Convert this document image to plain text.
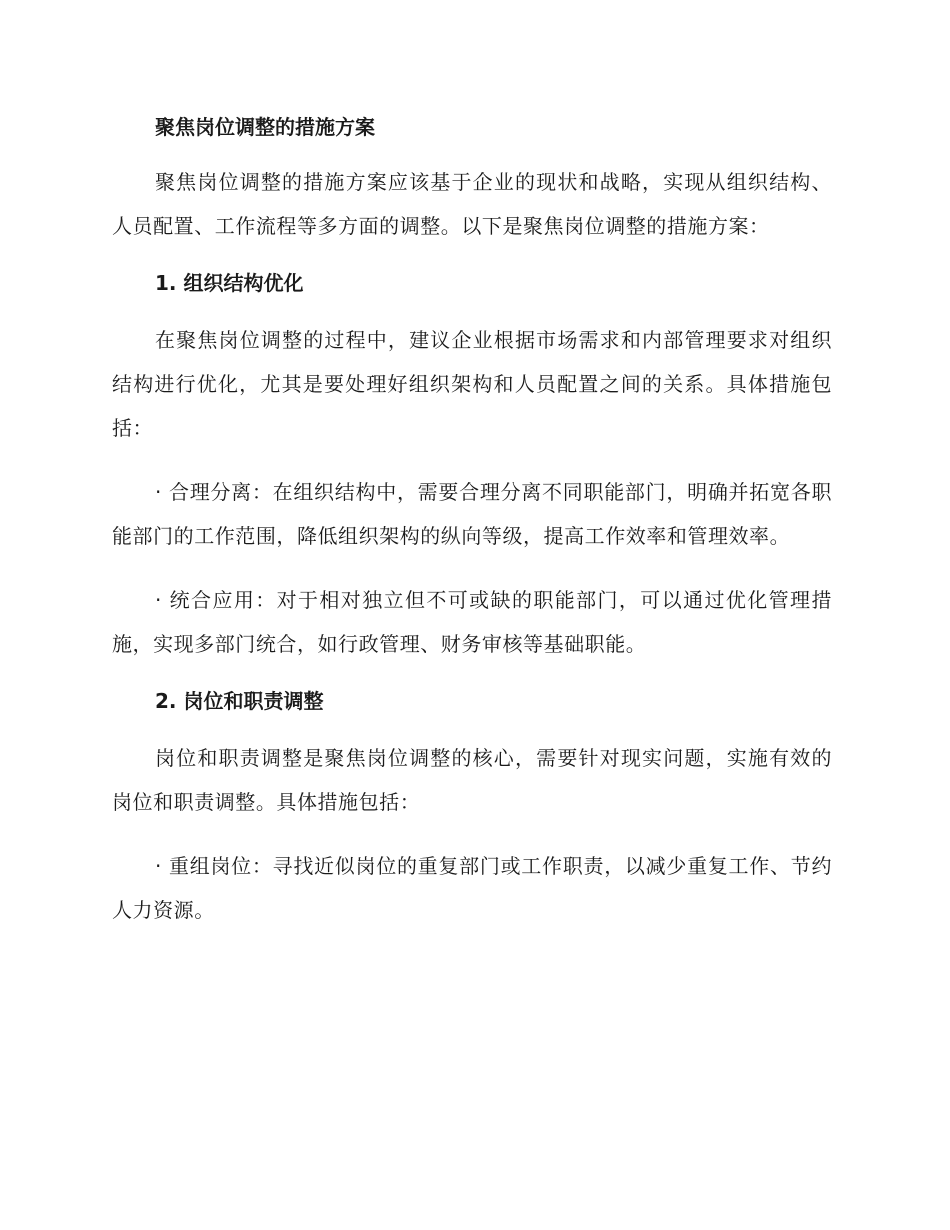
聚焦岗位调整的措施方案

聚焦岗位调整的措施方案应该基于企业的现状和战略，实现从组织结构、人员配置、工作流程等多方面的调整。以下是聚焦岗位调整的措施方案：

1. 组织结构优化

在聚焦岗位调整的过程中，建议企业根据市场需求和内部管理要求对组织结构进行优化，尤其是要处理好组织架构和人员配置之间的关系。具体措施包括：

· 合理分离：在组织结构中，需要合理分离不同职能部门，明确并拓宽各职能部门的工作范围，降低组织架构的纵向等级，提高工作效率和管理效率。

· 统合应用：对于相对独立但不可或缺的职能部门，可以通过优化管理措施，实现多部门统合，如行政管理、财务审核等基础职能。

2. 岗位和职责调整

岗位和职责调整是聚焦岗位调整的核心，需要针对现实问题，实施有效的岗位和职责调整。具体措施包括：

· 重组岗位：寻找近似岗位的重复部门或工作职责，以减少重复工作、节约人力资源。
